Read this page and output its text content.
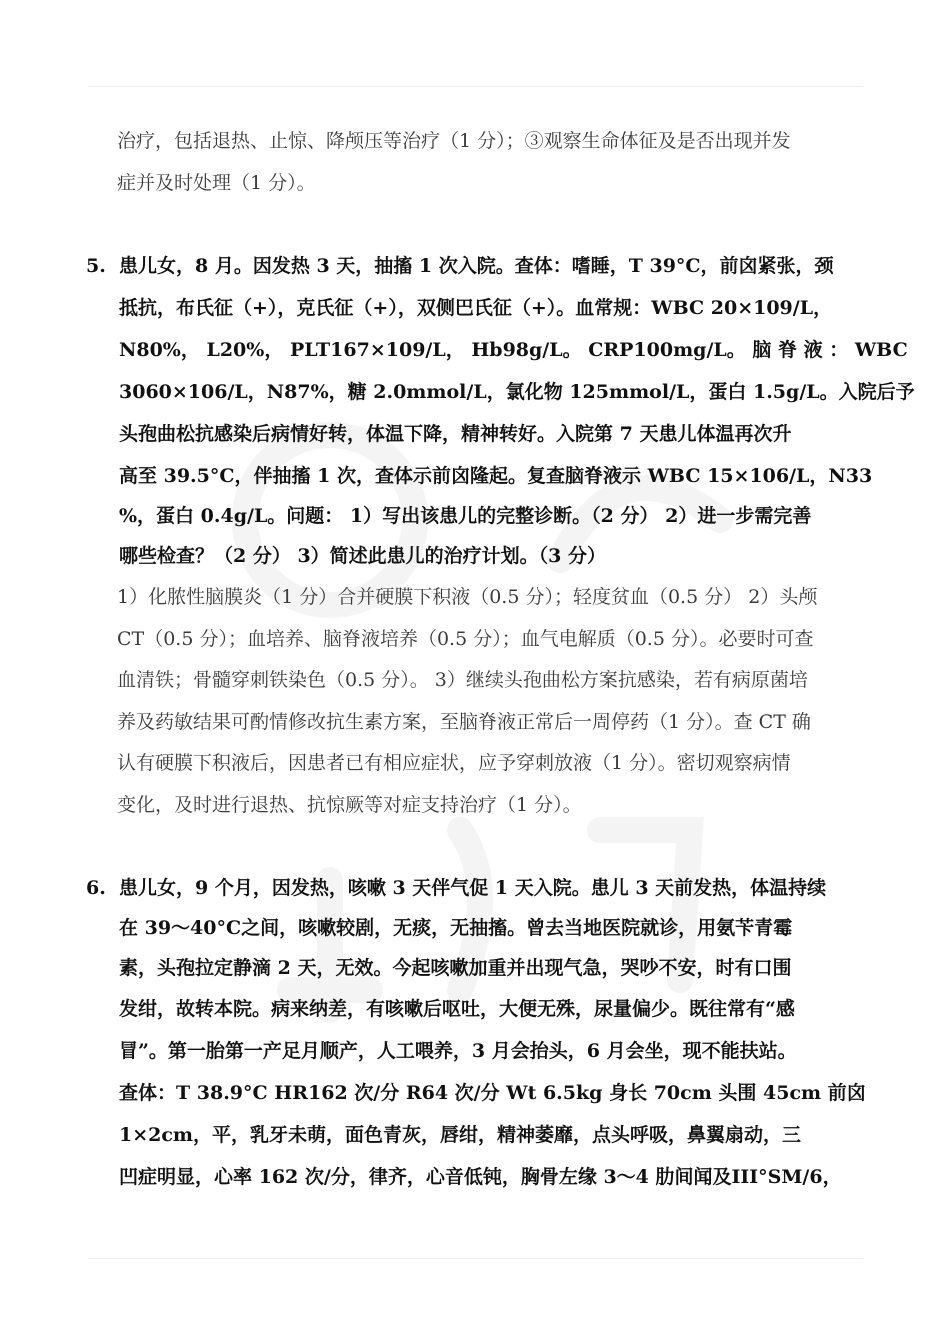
治疗，包括退热、止惊、降颅压等治疗（1 分）；③观察生命体征及是否出现并发
症并及时处理（1 分）。
5. 患儿女，8 月。因发热 3 天，抽搐 1 次入院。查体：嗜睡，T 39°C，前囟紧张，颈
抵抗，布氏征（+），克氏征（+），双侧巴氏征（+）。血常规：WBC 20×109/L，
N80%， L20%， PLT167×109/L， Hb98g/L。 CRP100mg/L。 脑 脊 液 ： WBC
3060×106/L，N87%，糖 2.0mmol/L，氯化物 125mmol/L，蛋白 1.5g/L。入院后予
头孢曲松抗感染后病情好转，体温下降，精神转好。入院第 7 天患儿体温再次升
高至 39.5°C，伴抽搐 1 次，查体示前囟隆起。复查脑脊液示 WBC 15×106/L，N33
%，蛋白 0.4g/L。问题： 1）写出该患儿的完整诊断。（2 分） 2）进一步需完善
哪些检查？（2 分） 3）简述此患儿的治疗计划。（3 分）
1）化脓性脑膜炎（1 分）合并硬膜下积液（0.5 分）；轻度贫血（0.5 分） 2）头颅
CT（0.5 分）；血培养、脑脊液培养（0.5 分）；血气电解质（0.5 分）。必要时可查
血清铁；骨髓穿刺铁染色（0.5 分）。 3）继续头孢曲松方案抗感染，若有病原菌培
养及药敏结果可酌情修改抗生素方案，至脑脊液正常后一周停药（1 分）。查 CT 确
认有硬膜下积液后，因患者已有相应症状，应予穿刺放液（1 分）。密切观察病情
变化，及时进行退热、抗惊厥等对症支持治疗（1 分）。
6. 患儿女，9 个月，因发热，咳嗽 3 天伴气促 1 天入院。患儿 3 天前发热，体温持续
在 39～40°C之间，咳嗽较剧，无痰，无抽搐。曾去当地医院就诊，用氨苄青霉
素，头孢拉定静滴 2 天，无效。今起咳嗽加重并出现气急，哭吵不安，时有口围
发绀，故转本院。病来纳差，有咳嗽后呕吐，大便无殊，尿量偏少。既往常有“感
冒”。第一胎第一产足月顺产，人工喂养，3 月会抬头，6 月会坐，现不能扶站。
查体：T 38.9°C HR162 次/分 R64 次/分 Wt 6.5kg 身长 70cm 头围 45cm 前囟
1×2cm，平，乳牙未萌，面色青灰，唇绀，精神萎靡，点头呼吸，鼻翼扇动，三
凹症明显，心率 162 次/分，律齐，心音低钝，胸骨左缘 3～4 肋间闻及III°SM/6，
